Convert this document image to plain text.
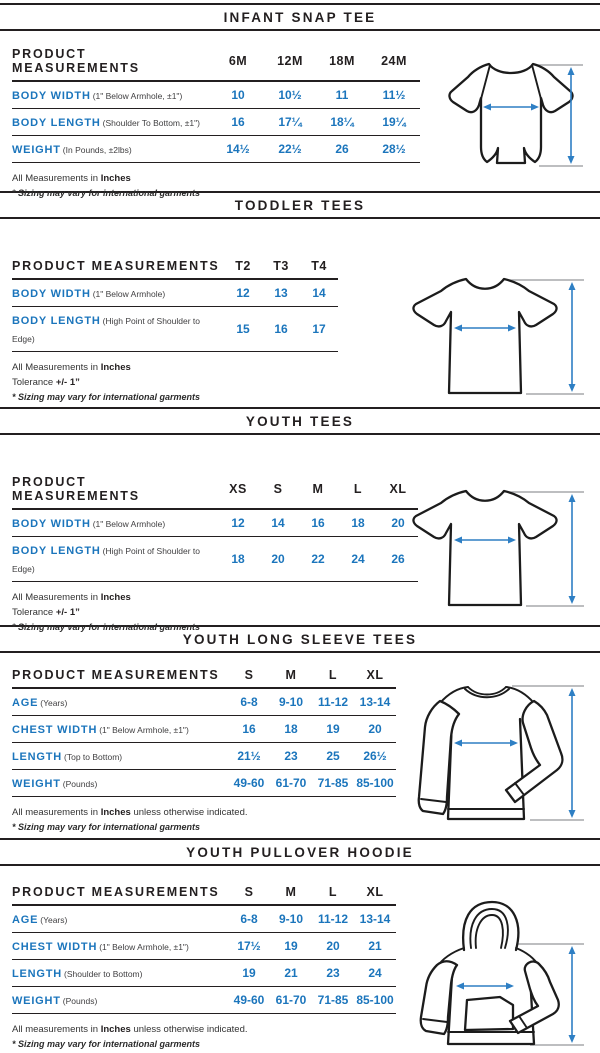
INFANT SNAP TEE
PRODUCT MEASUREMENTS	6M	12M	18M	24M
BODY WIDTH (1" Below Armhole, ±1")	10	10½	11	11½
BODY LENGTH (Shoulder To Bottom, ±1")	16	17¼	18¼	19¼
WEIGHT (In Pounds, ±2lbs)	14½	22½	26	28½

All Measurements in Inches

* Sizing may vary for international garments

TODDLER TEES
PRODUCT MEASUREMENTS	T2	T3	T4
BODY WIDTH (1" Below Armhole)	12	13	14
BODY LENGTH (High Point of Shoulder to Edge)	15	16	17

All Measurements in Inches

Tolerance +/- 1”

* Sizing may vary for international garments

YOUTH TEES
PRODUCT MEASUREMENTS	XS	S	M	L	XL
BODY WIDTH (1" Below Armhole)	12	14	16	18	20
BODY LENGTH (High Point of Shoulder to Edge)	18	20	22	24	26

All Measurements in Inches

Tolerance +/- 1”

* Sizing may vary for international garments

YOUTH LONG SLEEVE TEES
PRODUCT MEASUREMENTS	S	M	L	XL
AGE (Years)	6-8	9-10	11-12	13-14
CHEST WIDTH (1" Below Armhole, ±1")	16	18	19	20
LENGTH (Top to Bottom)	21½	23	25	26½
WEIGHT (Pounds)	49-60	61-70	71-85	85-100

All measurements in Inches unless otherwise indicated.

* Sizing may vary for international garments

YOUTH PULLOVER HOODIE
PRODUCT MEASUREMENTS	S	M	L	XL
AGE (Years)	6-8	9-10	11-12	13-14
CHEST WIDTH (1" Below Armhole, ±1")	17½	19	20	21
LENGTH (Shoulder to Bottom)	19	21	23	24
WEIGHT (Pounds)	49-60	61-70	71-85	85-100

All measurements in Inches unless otherwise indicated.

* Sizing may vary for international garments
